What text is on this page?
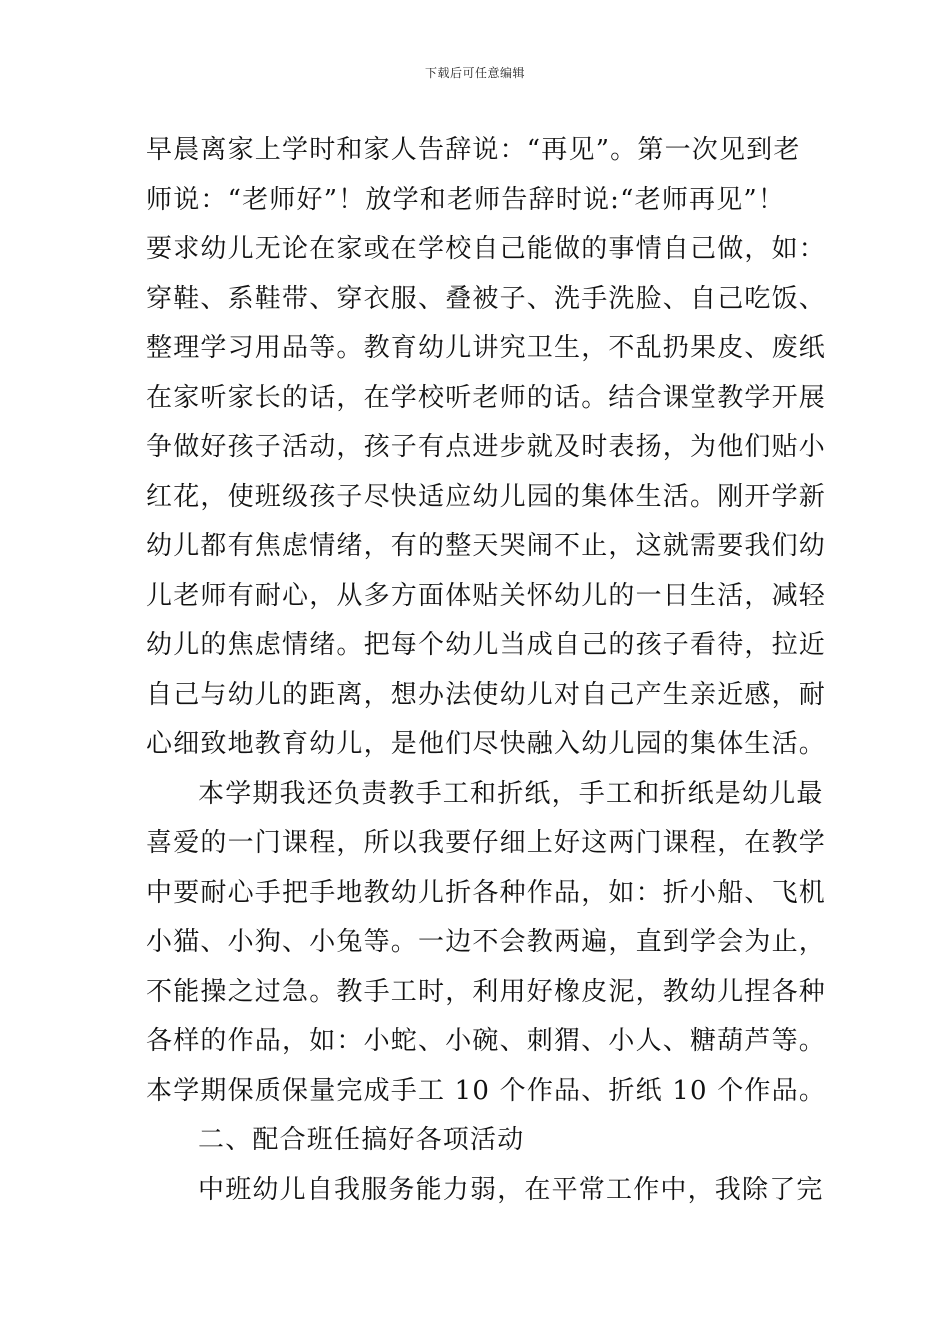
下载后可任意编辑
早晨离家上学时和家人告辞说：“再见”。第一次见到老
师说：“老师好”！放学和老师告辞时说:“老师再见”！
要求幼儿无论在家或在学校自己能做的事情自己做，如：
穿鞋、系鞋带、穿衣服、叠被子、洗手洗脸、自己吃饭、
整理学习用品等。教育幼儿讲究卫生，不乱扔果皮、废纸
在家听家长的话，在学校听老师的话。结合课堂教学开展
争做好孩子活动，孩子有点进步就及时表扬，为他们贴小
红花，使班级孩子尽快适应幼儿园的集体生活。刚开学新
幼儿都有焦虑情绪，有的整天哭闹不止，这就需要我们幼
儿老师有耐心，从多方面体贴关怀幼儿的一日生活，减轻
幼儿的焦虑情绪。把每个幼儿当成自己的孩子看待，拉近
自己与幼儿的距离，想办法使幼儿对自己产生亲近感，耐
心细致地教育幼儿，是他们尽快融入幼儿园的集体生活。
本学期我还负责教手工和折纸，手工和折纸是幼儿最
喜爱的一门课程，所以我要仔细上好这两门课程，在教学
中要耐心手把手地教幼儿折各种作品，如：折小船、飞机
小猫、小狗、小兔等。一边不会教两遍，直到学会为止，
不能操之过急。教手工时，利用好橡皮泥，教幼儿捏各种
各样的作品，如：小蛇、小碗、刺猬、小人、糖葫芦等。
本学期保质保量完成手工 10 个作品、折纸 10 个作品。
二、配合班任搞好各项活动
中班幼儿自我服务能力弱，在平常工作中，我除了完
